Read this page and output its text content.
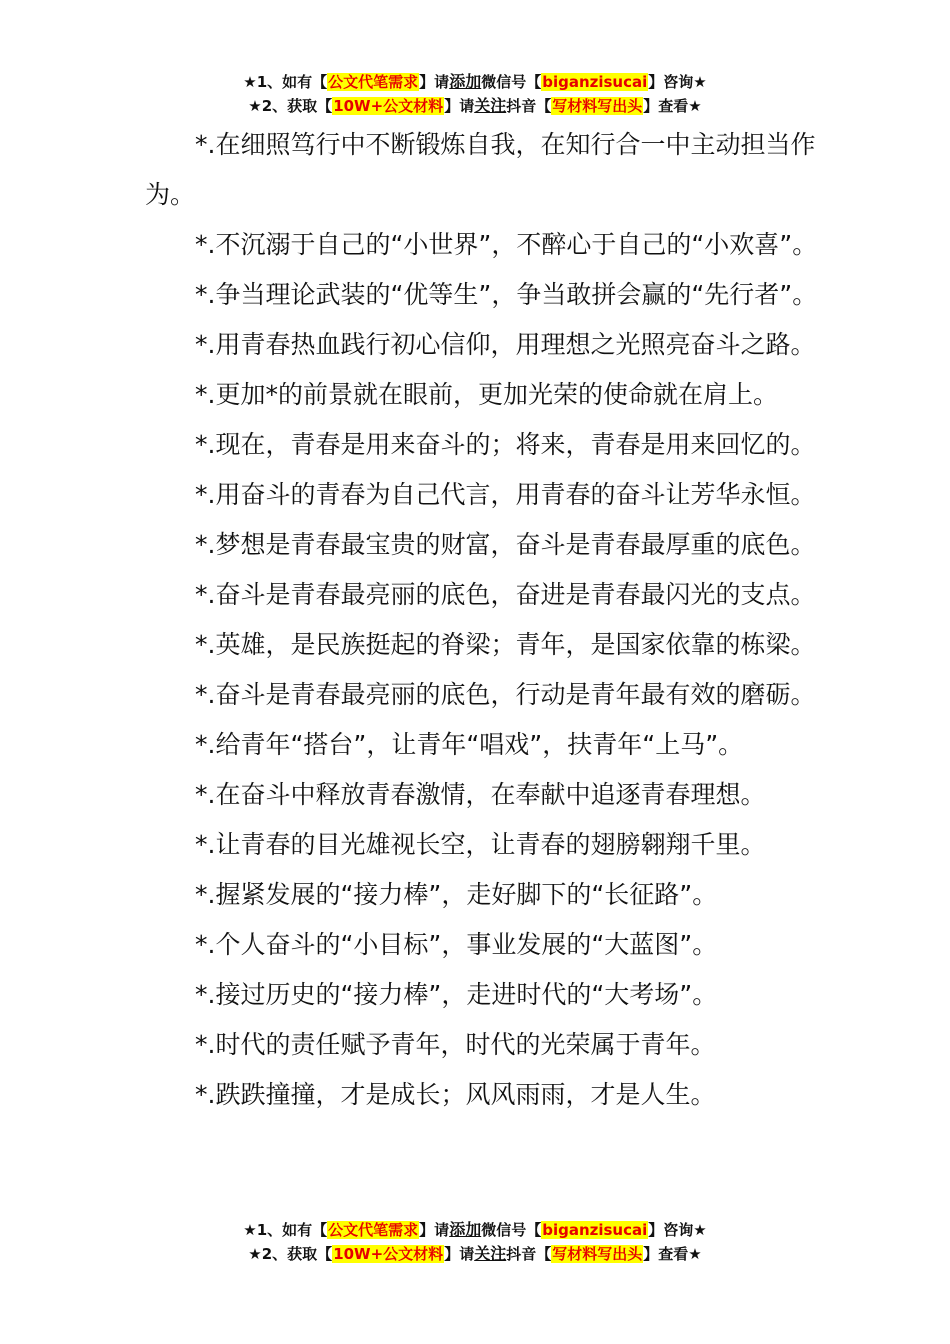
★1、如有【公文代笔需求】请添加微信号【biganzisucai】咨询★
★2、获取【10W+公文材料】请关注抖音【写材料写出头】查看★

*.在细照笃行中不断锻炼自我，在知行合一中主动担当作为。

*.不沉溺于自己的“小世界”，不醉心于自己的“小欢喜”。

*.争当理论武装的“优等生”，争当敢拼会赢的“先行者”。

*.用青春热血践行初心信仰，用理想之光照亮奋斗之路。

*.更加*的前景就在眼前，更加光荣的使命就在肩上。

*.现在，青春是用来奋斗的；将来，青春是用来回忆的。

*.用奋斗的青春为自己代言，用青春的奋斗让芳华永恒。

*.梦想是青春最宝贵的财富，奋斗是青春最厚重的底色。

*.奋斗是青春最亮丽的底色，奋进是青春最闪光的支点。

*.英雄，是民族挺起的脊梁；青年，是国家依靠的栋梁。

*.奋斗是青春最亮丽的底色，行动是青年最有效的磨砺。

*.给青年“搭台”，让青年“唱戏”，扶青年“上马”。

*.在奋斗中释放青春激情，在奉献中追逐青春理想。

*.让青春的目光雄视长空，让青春的翅膀翱翔千里。

*.握紧发展的“接力棒”，走好脚下的“长征路”。

*.个人奋斗的“小目标”，事业发展的“大蓝图”。

*.接过历史的“接力棒”，走进时代的“大考场”。

*.时代的责任赋予青年，时代的光荣属于青年。

*.跌跌撞撞，才是成长；风风雨雨，才是人生。

★1、如有【公文代笔需求】请添加微信号【biganzisucai】咨询★
★2、获取【10W+公文材料】请关注抖音【写材料写出头】查看★
